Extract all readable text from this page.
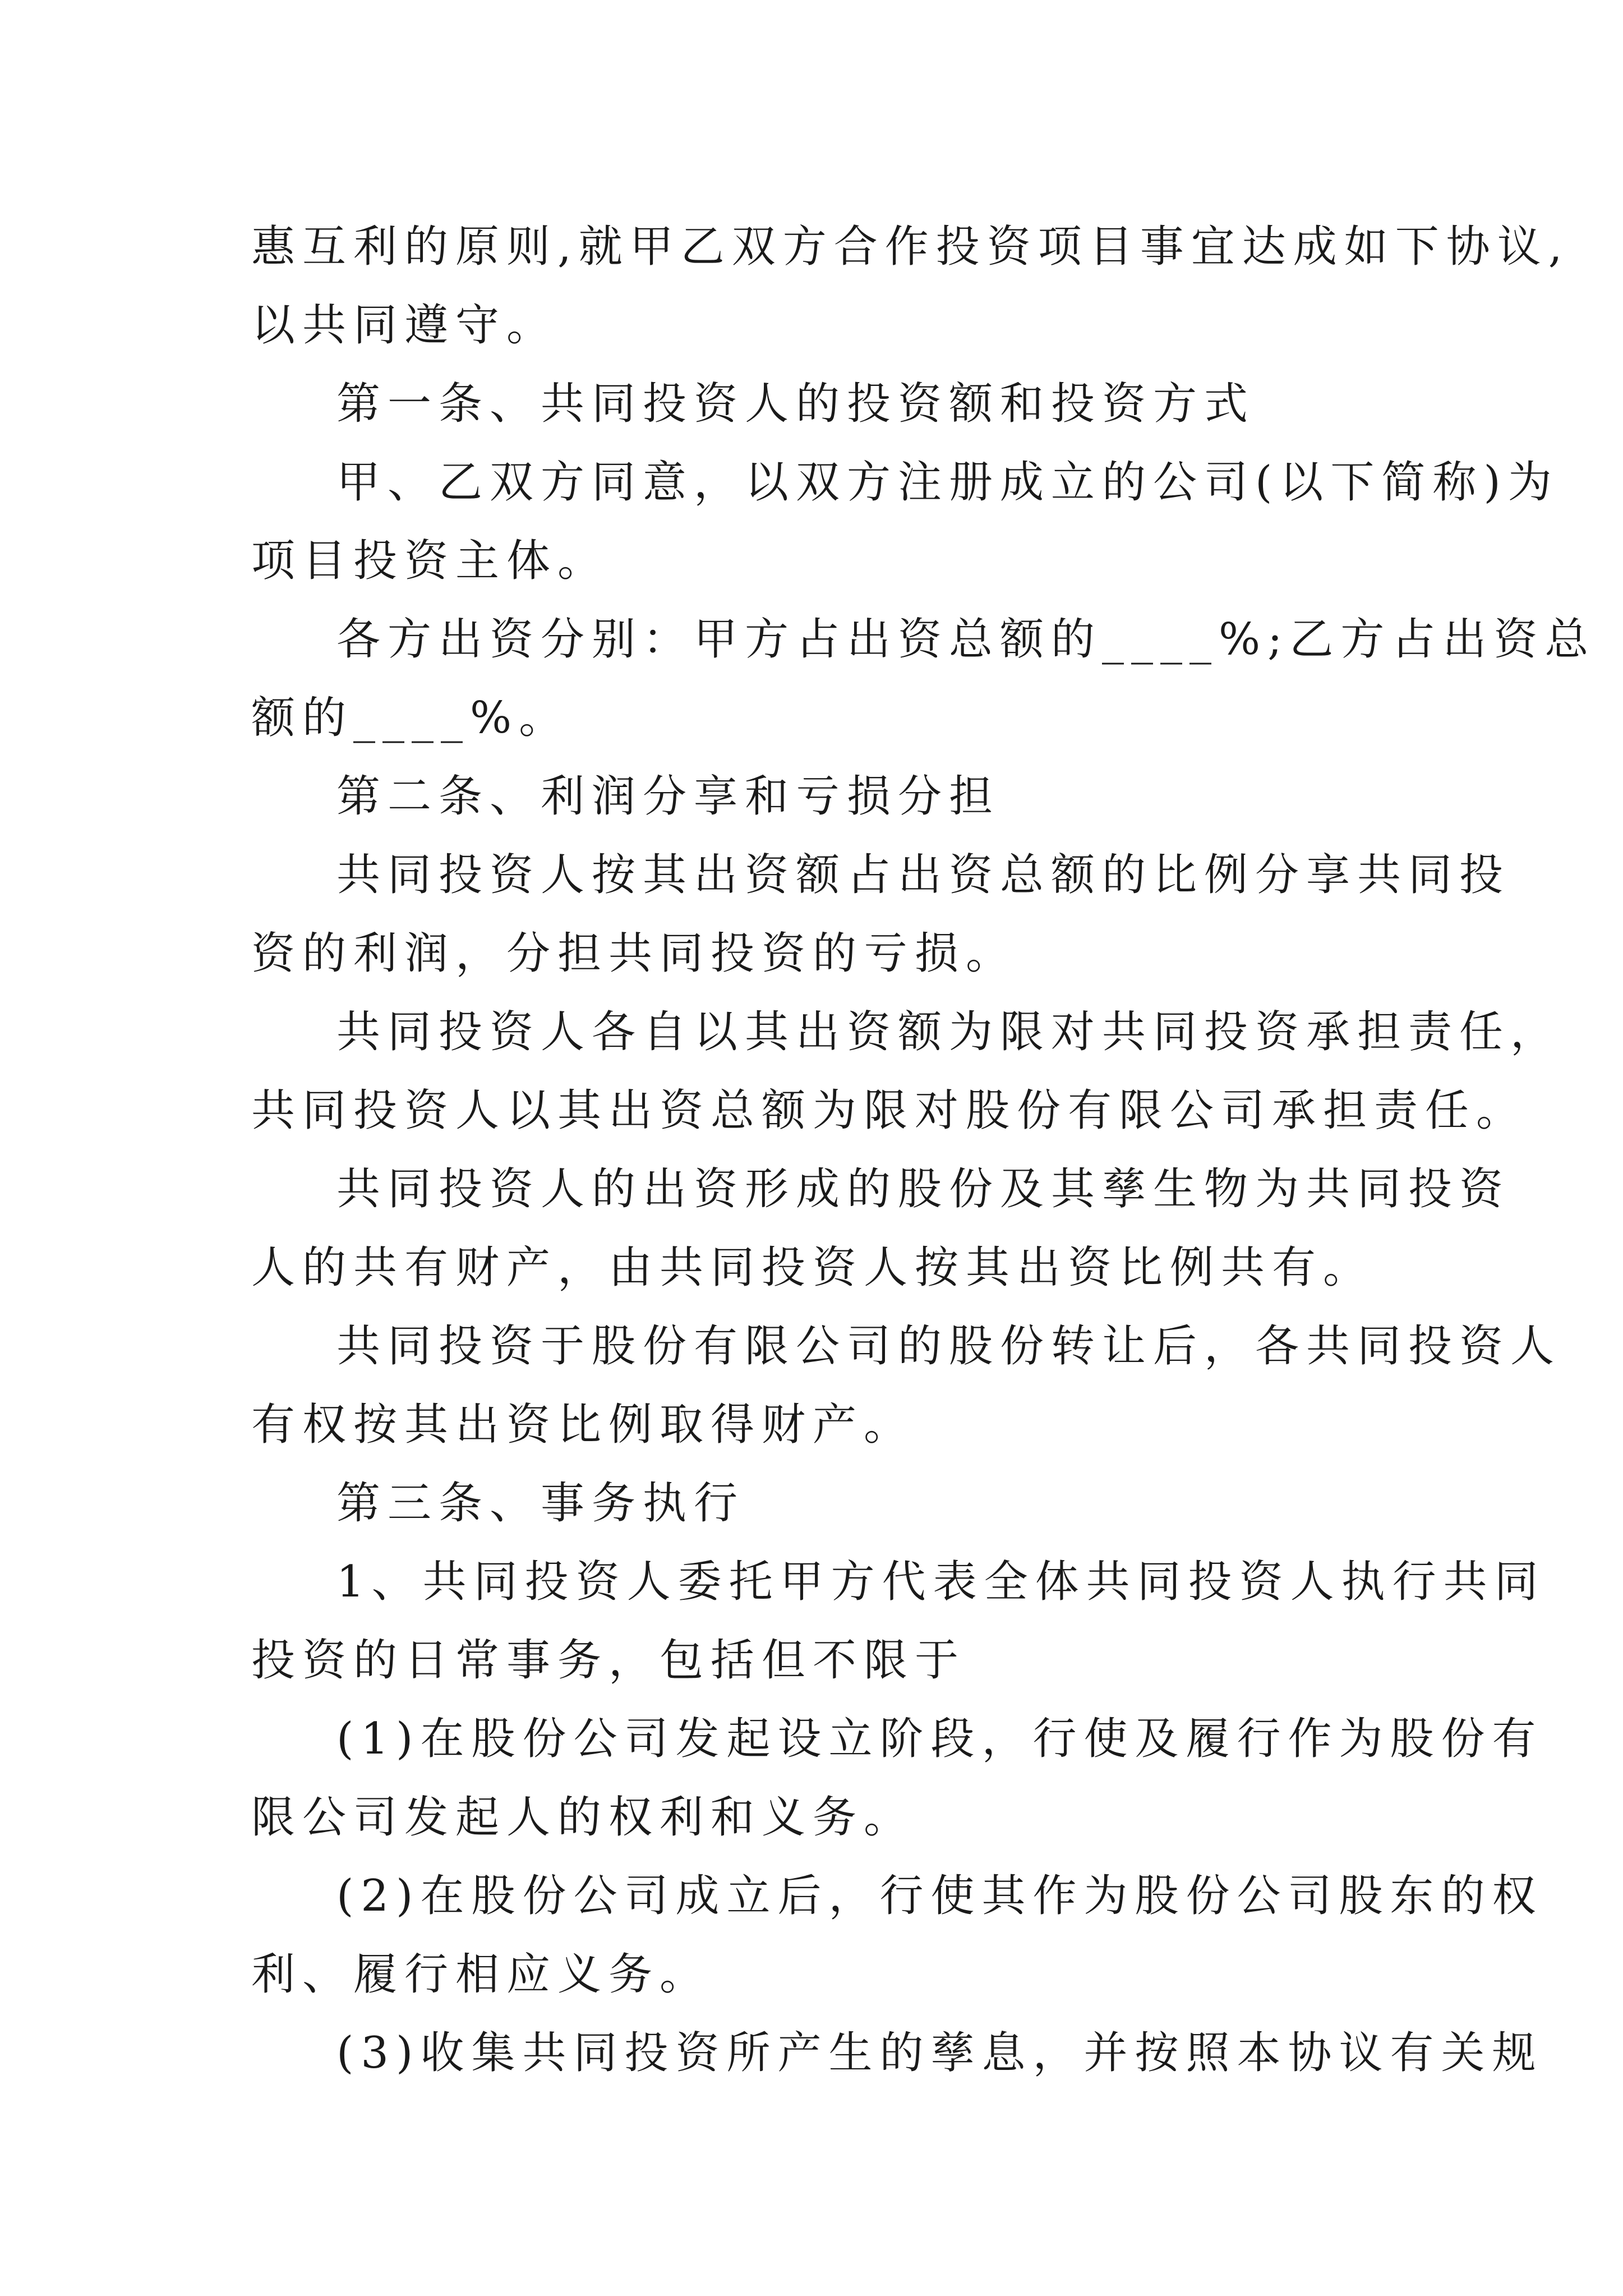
惠互利的原则,就甲乙双方合作投资项目事宜达成如下协议,
以共同遵守。
第一条、共同投资人的投资额和投资方式
甲、乙双方同意，以双方注册成立的公司(以下简称)为
项目投资主体。
各方出资分别：甲方占出资总额的____%;乙方占出资总
额的____%。
第二条、利润分享和亏损分担
共同投资人按其出资额占出资总额的比例分享共同投
资的利润，分担共同投资的亏损。
共同投资人各自以其出资额为限对共同投资承担责任，
共同投资人以其出资总额为限对股份有限公司承担责任。
共同投资人的出资形成的股份及其孳生物为共同投资
人的共有财产，由共同投资人按其出资比例共有。
共同投资于股份有限公司的股份转让后，各共同投资人
有权按其出资比例取得财产。
第三条、事务执行
1、共同投资人委托甲方代表全体共同投资人执行共同
投资的日常事务，包括但不限于
(1)在股份公司发起设立阶段，行使及履行作为股份有
限公司发起人的权利和义务。
(2)在股份公司成立后，行使其作为股份公司股东的权
利、履行相应义务。
(3)收集共同投资所产生的孳息，并按照本协议有关规
